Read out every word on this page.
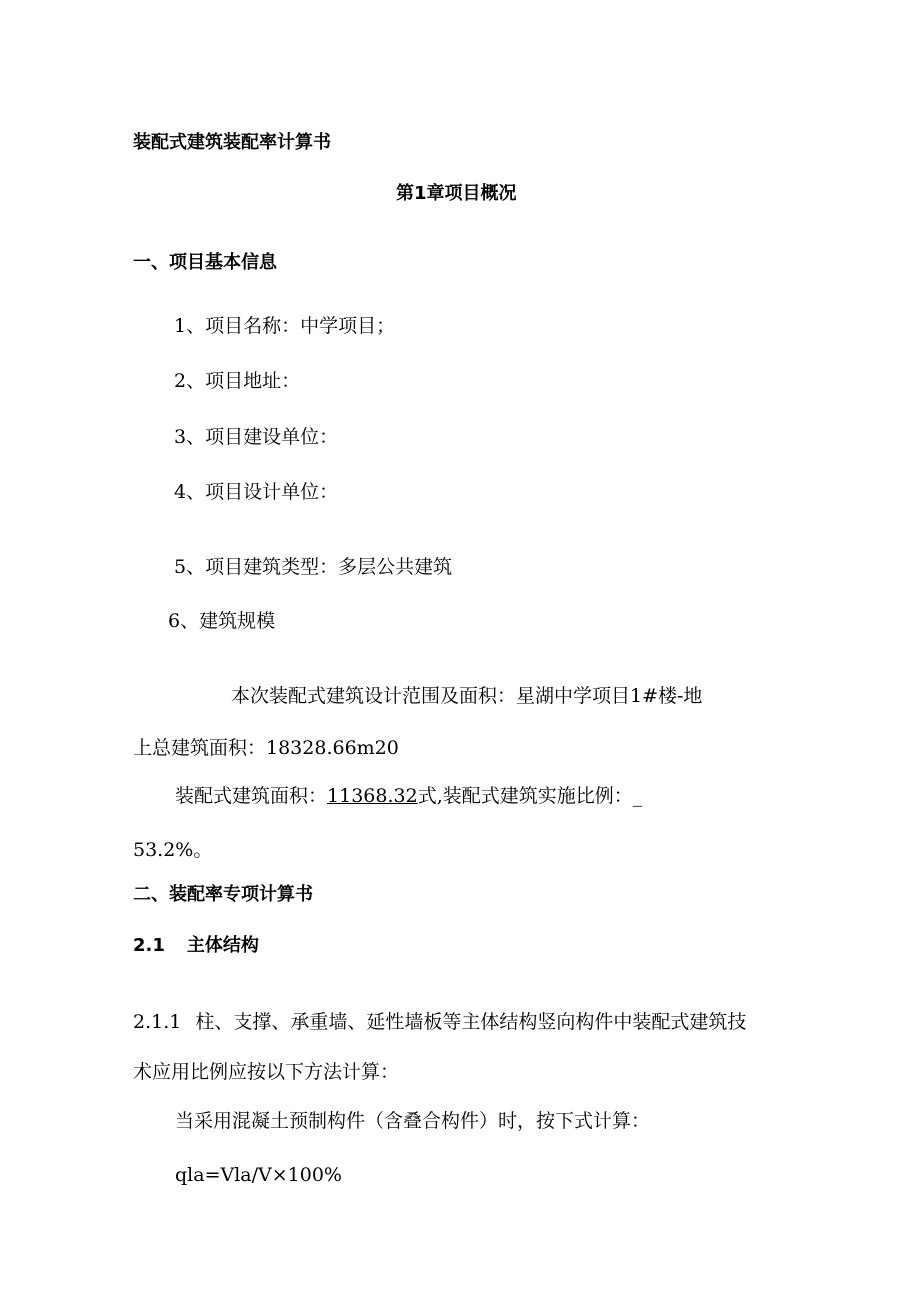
装配式建筑装配率计算书
第1章项目概况
一、项目基本信息
1、项目名称：中学项目；
2、项目地址：
3、项目建设单位：
4、项目设计单位：
5、项目建筑类型：多层公共建筑
6、建筑规模
本次装配式建筑设计范围及面积：星湖中学项目1#楼-地
上总建筑面积：18328.66m20
装配式建筑面积：11368.32式,装配式建筑实施比例：_
53.2%。
二、装配率专项计算书
2.1 主体结构
2.1.1 柱、支撑、承重墙、延性墙板等主体结构竖向构件中装配式建筑技
术应用比例应按以下方法计算：
当采用混凝土预制构件（含叠合构件）时，按下式计算：
qla=Vla/V×100%
